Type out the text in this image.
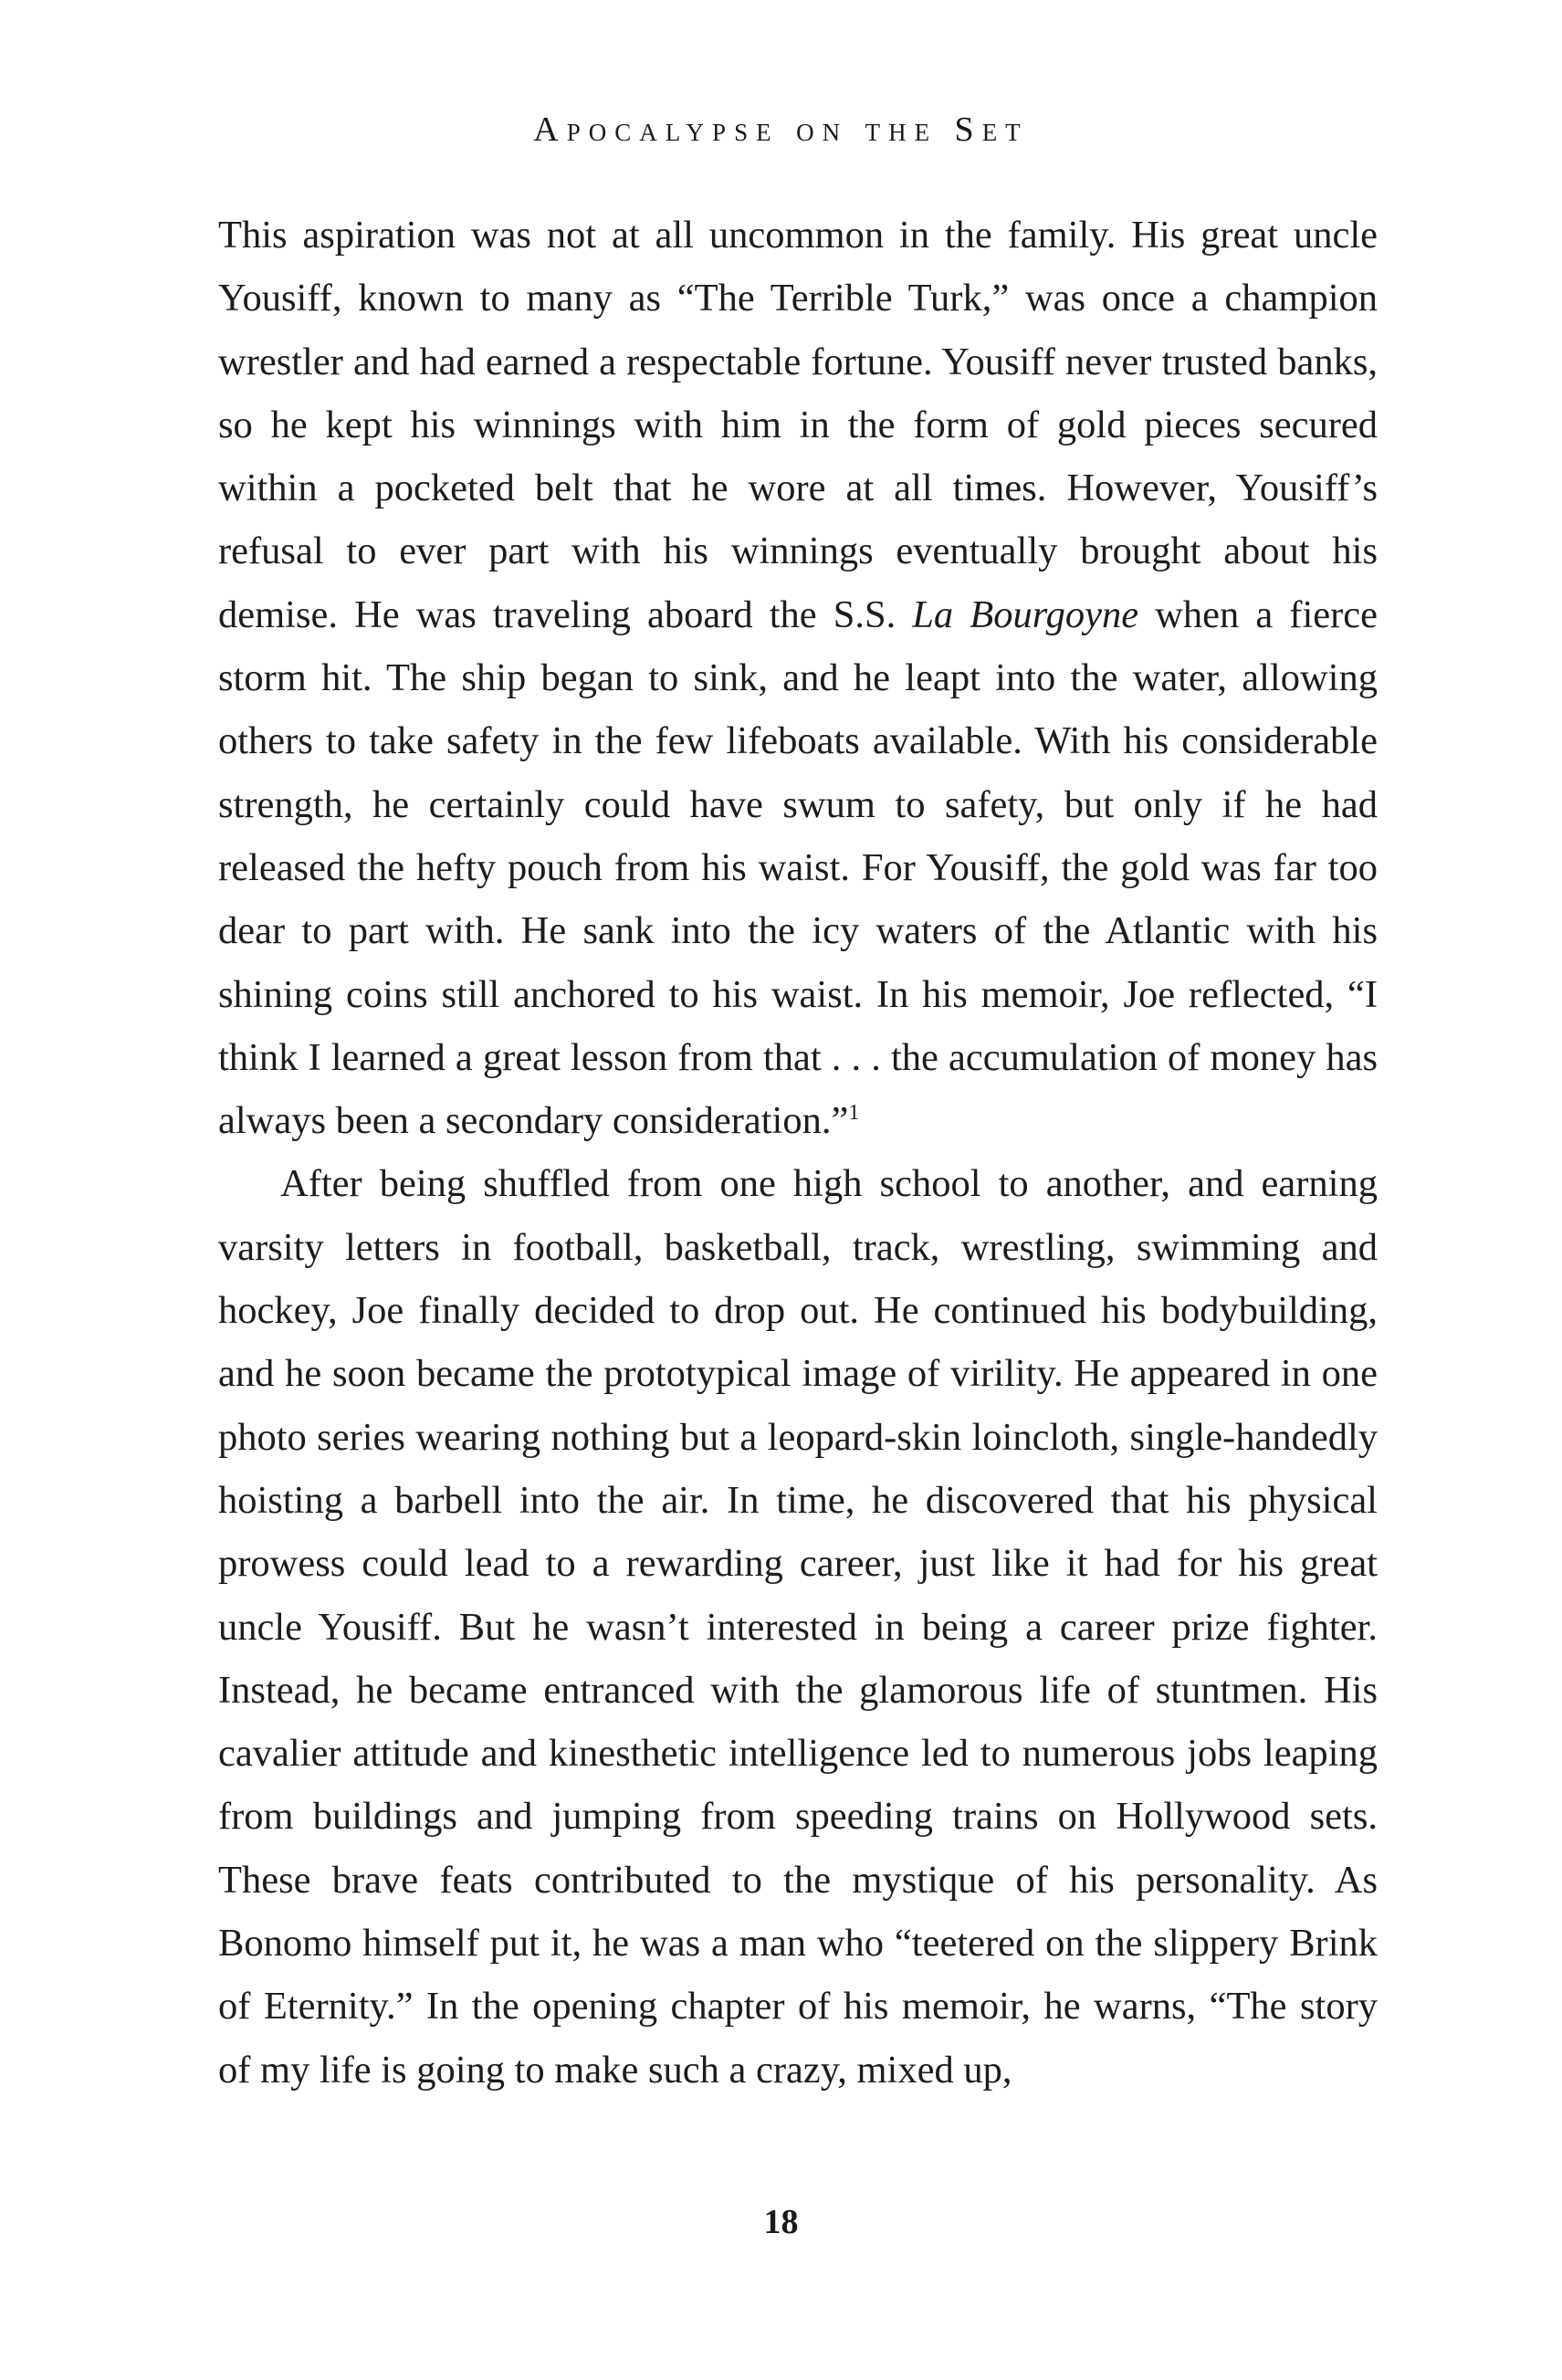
Apocalypse on the Set

This aspiration was not at all uncommon in the family. His great uncle Yousiff, known to many as “The Terrible Turk,” was once a champion wrestler and had earned a respectable fortune. Yousiff never trusted banks, so he kept his winnings with him in the form of gold pieces secured within a pocketed belt that he wore at all times. However, Yousiff’s refusal to ever part with his winnings eventually brought about his demise. He was traveling aboard the S.S. La Bourgoyne when a fierce storm hit. The ship began to sink, and he leapt into the water, allowing others to take safety in the few lifeboats available. With his considerable strength, he certainly could have swum to safety, but only if he had released the hefty pouch from his waist. For Yousiff, the gold was far too dear to part with. He sank into the icy waters of the Atlantic with his shining coins still anchored to his waist. In his memoir, Joe reflected, “I think I learned a great lesson from that . . . the accumulation of money has always been a secondary consideration.”$^1$

After being shuffled from one high school to another, and earning varsity letters in football, basketball, track, wrestling, swimming and hockey, Joe finally decided to drop out. He continued his bodybuilding, and he soon became the prototypical image of virility. He appeared in one photo series wearing nothing but a leopard-skin loincloth, single-handedly hoisting a barbell into the air. In time, he discovered that his physical prowess could lead to a rewarding career, just like it had for his great uncle Yousiff. But he wasn’t interested in being a career prize fighter. Instead, he became entranced with the glamorous life of stuntmen. His cavalier attitude and kinesthetic intelligence led to numerous jobs leaping from buildings and jumping from speeding trains on Hollywood sets. These brave feats contributed to the mystique of his personality. As Bonomo himself put it, he was a man who “teetered on the slippery Brink of Eternity.” In the opening chapter of his memoir, he warns, “The story of my life is going to make such a crazy, mixed up,

18
